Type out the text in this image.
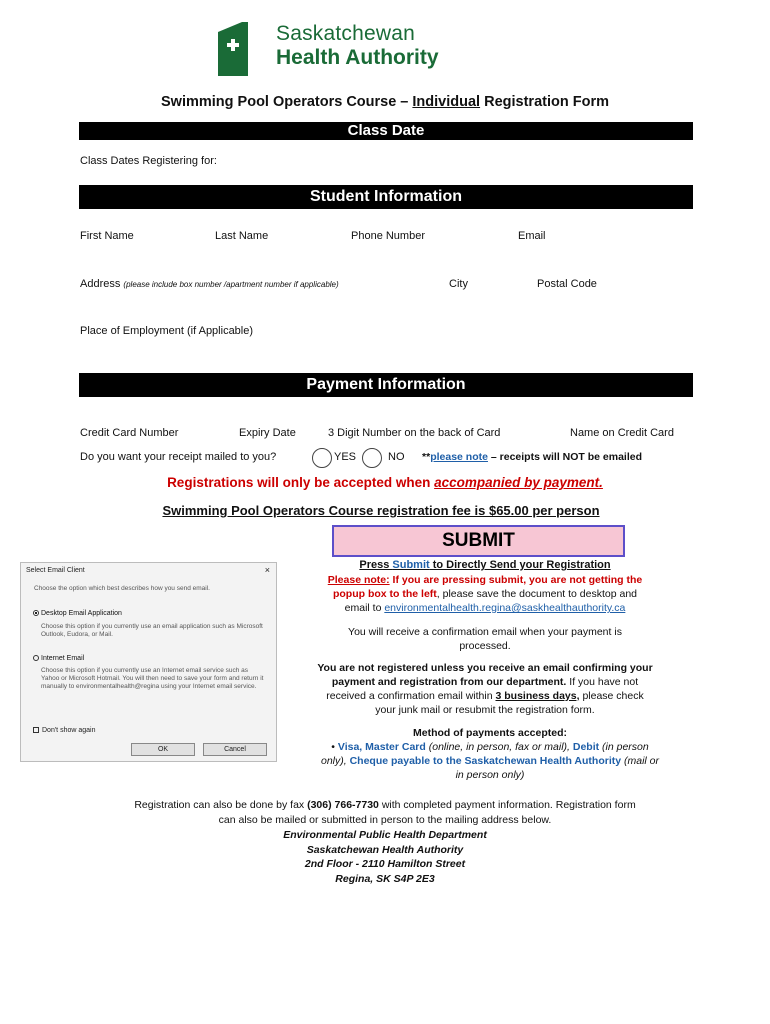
Saskatchewan
Health Authority
Swimming Pool Operators Course – Individual Registration Form
Class Date
Class Dates Registering for:
Student Information
First Name	Last Name	Phone Number	Email
Address (please include box number /apartment number if applicable)	City	Postal Code
Place of Employment (if Applicable)
Payment Information
Credit Card Number	Expiry Date	3 Digit Number on the back of Card	Name on Credit Card
Do you want your receipt mailed to you?	YES	NO **please note – receipts will NOT be emailed
Registrations will only be accepted when accompanied by payment.
Swimming Pool Operators Course registration fee is $65.00 per person
SUBMIT
Press Submit to Directly Send your Registration
Please note: If you are pressing submit, you are not getting the
popup box to the left, please save the document to desktop and
email to environmentalhealth.regina@saskhealthauthority.ca
You will receive a confirmation email when your payment is
processed.
You are not registered unless you receive an email confirming your
payment and registration from our department. If you have not
received a confirmation email within 3 business days, please check
your junk mail or resubmit the registration form.
Method of payments accepted:
• Visa, Master Card (online, in person, fax or mail), Debit (in person
only), Cheque payable to the Saskatchewan Health Authority (mail or
in person only)
Registration can also be done by fax (306) 766-7730 with completed payment information. Registration form
can also be mailed or submitted in person to the mailing address below.
Environmental Public Health Department
Saskatchewan Health Authority
2nd Floor - 2110 Hamilton Street
Regina, SK S4P 2E3
Select Email Client	×
Choose the option which best describes how you send email.
Desktop Email Application
Choose this option if you currently use an email application such as Microsoft Outlook, Eudora, or Mail.
Internet Email
Choose this option if you currently use an Internet email service such as Yahoo or Microsoft Hotmail. You will then need to save your form and return it manually to environmentalhealth@regina using your Internet email service.
Don't show again
OK	Cancel
